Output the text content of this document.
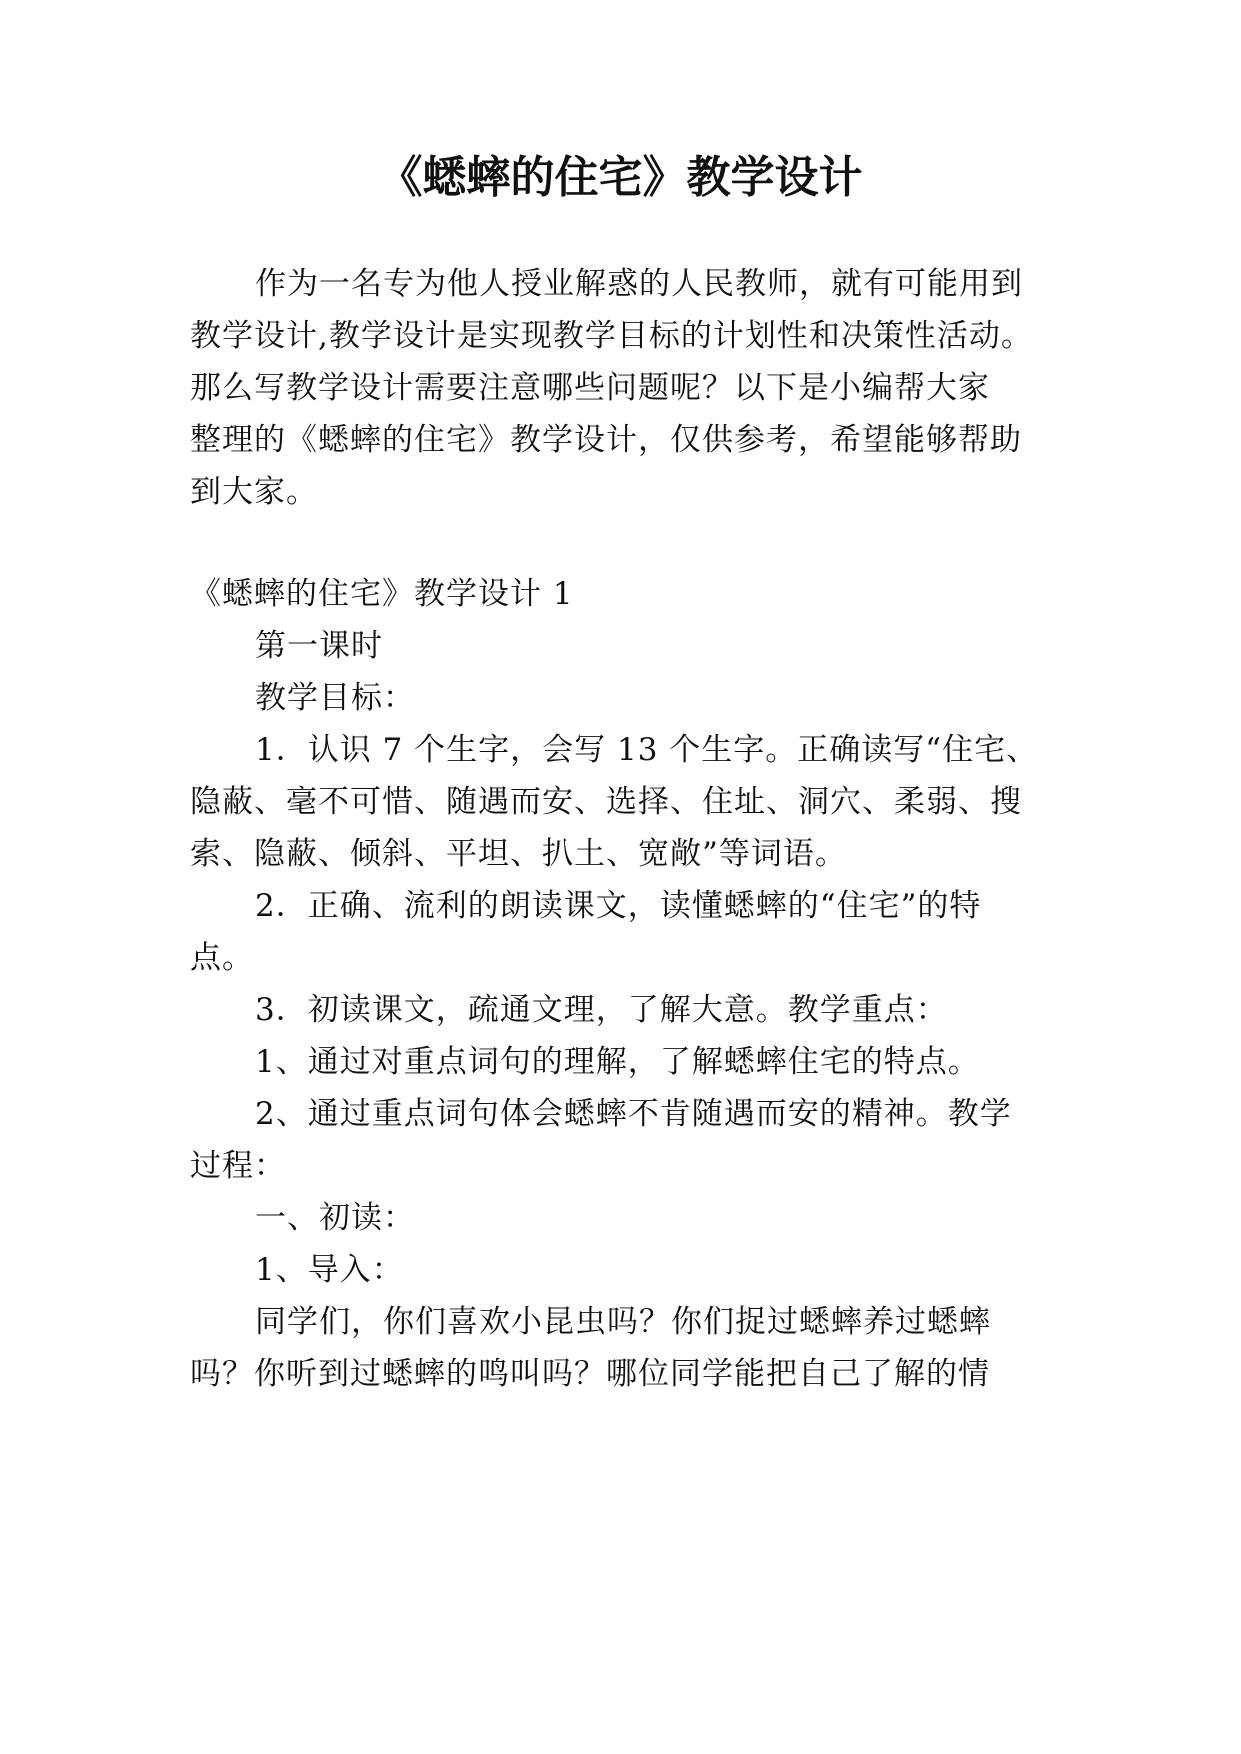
《蟋蟀的住宅》教学设计
作为一名专为他人授业解惑的人民教师，就有可能用到
教学设计,教学设计是实现教学目标的计划性和决策性活动。
那么写教学设计需要注意哪些问题呢？以下是小编帮大家
整理的《蟋蟀的住宅》教学设计，仅供参考，希望能够帮助
到大家。
《蟋蟀的住宅》教学设计 1
第一课时
教学目标：
1．认识 7 个生字，会写 13 个生字。正确读写“住宅、
隐蔽、毫不可惜、随遇而安、选择、住址、洞穴、柔弱、搜
索、隐蔽、倾斜、平坦、扒土、宽敞”等词语。
2．正确、流利的朗读课文，读懂蟋蟀的“住宅”的特
点。
3．初读课文，疏通文理，了解大意。教学重点：
1、通过对重点词句的理解，了解蟋蟀住宅的特点。
2、通过重点词句体会蟋蟀不肯随遇而安的精神。教学
过程：
一、初读：
1、导入：
同学们，你们喜欢小昆虫吗？你们捉过蟋蟀养过蟋蟀
吗？你听到过蟋蟀的鸣叫吗？哪位同学能把自己了解的情
